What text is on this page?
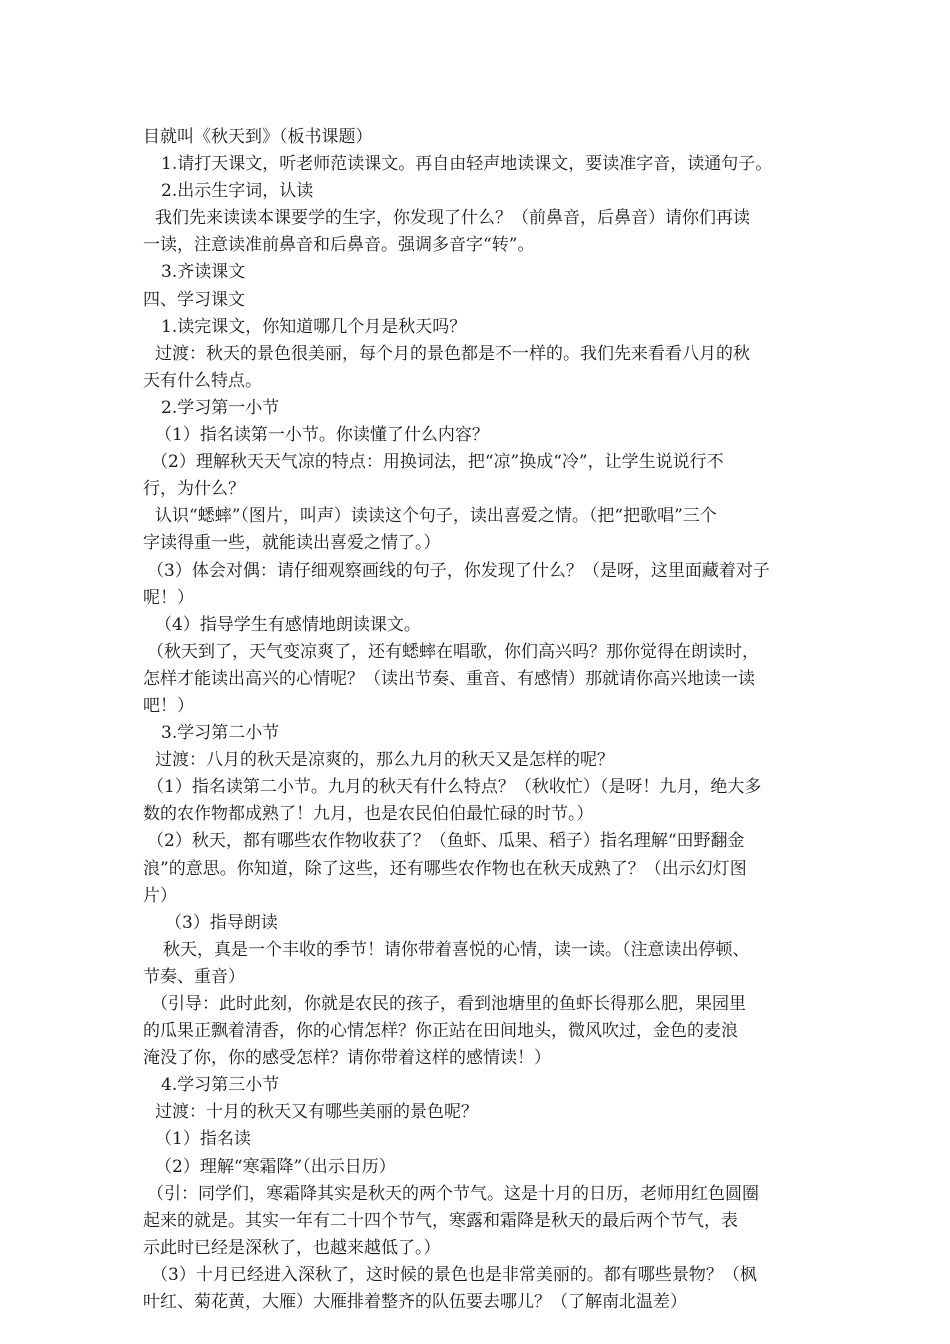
目就叫《秋天到》（板书课题）
1.请打天课文，听老师范读课文。再自由轻声地读课文，要读准字音，读通句子。
2.出示生字词，认读
我们先来读读本课要学的生字，你发现了什么？（前鼻音，后鼻音）请你们再读
一读，注意读准前鼻音和后鼻音。强调多音字“转”。
3.齐读课文
四、学习课文
1.读完课文，你知道哪几个月是秋天吗？
过渡：秋天的景色很美丽，每个月的景色都是不一样的。我们先来看看八月的秋
天有什么特点。
2.学习第一小节
（1）指名读第一小节。你读懂了什么内容？
（2）理解秋天天气凉的特点：用换词法，把“凉”换成“冷”，让学生说说行不
行，为什么？
认识“蟋蟀”（图片，叫声）读读这个句子，读出喜爱之情。（把“把歌唱”三个
字读得重一些，就能读出喜爱之情了。）
（3）体会对偶：请仔细观察画线的句子，你发现了什么？（是呀，这里面藏着对子
呢！）
（4）指导学生有感情地朗读课文。
（秋天到了，天气变凉爽了，还有蟋蟀在唱歌，你们高兴吗？那你觉得在朗读时，
怎样才能读出高兴的心情呢？（读出节奏、重音、有感情）那就请你高兴地读一读
吧！）
3.学习第二小节
过渡：八月的秋天是凉爽的，那么九月的秋天又是怎样的呢？
（1）指名读第二小节。九月的秋天有什么特点？（秋收忙）（是呀！九月，绝大多
数的农作物都成熟了！九月，也是农民伯伯最忙碌的时节。）
（2）秋天，都有哪些农作物收获了？（鱼虾、瓜果、稻子）指名理解“田野翻金
浪”的意思。你知道，除了这些，还有哪些农作物也在秋天成熟了？（出示幻灯图
片）
（3）指导朗读
秋天，真是一个丰收的季节！请你带着喜悦的心情，读一读。（注意读出停顿、
节奏、重音）
（引导：此时此刻，你就是农民的孩子，看到池塘里的鱼虾长得那么肥，果园里
的瓜果正飘着清香，你的心情怎样？你正站在田间地头，微风吹过，金色的麦浪
淹没了你，你的感受怎样？请你带着这样的感情读！）
4.学习第三小节
过渡：十月的秋天又有哪些美丽的景色呢？
（1）指名读
（2）理解“寒霜降”（出示日历）
（引：同学们，寒霜降其实是秋天的两个节气。这是十月的日历，老师用红色圆圈
起来的就是。其实一年有二十四个节气，寒露和霜降是秋天的最后两个节气，表
示此时已经是深秋了，也越来越低了。）
（3）十月已经进入深秋了，这时候的景色也是非常美丽的。都有哪些景物？（枫
叶红、菊花黄，大雁）大雁排着整齐的队伍要去哪儿？（了解南北温差）
